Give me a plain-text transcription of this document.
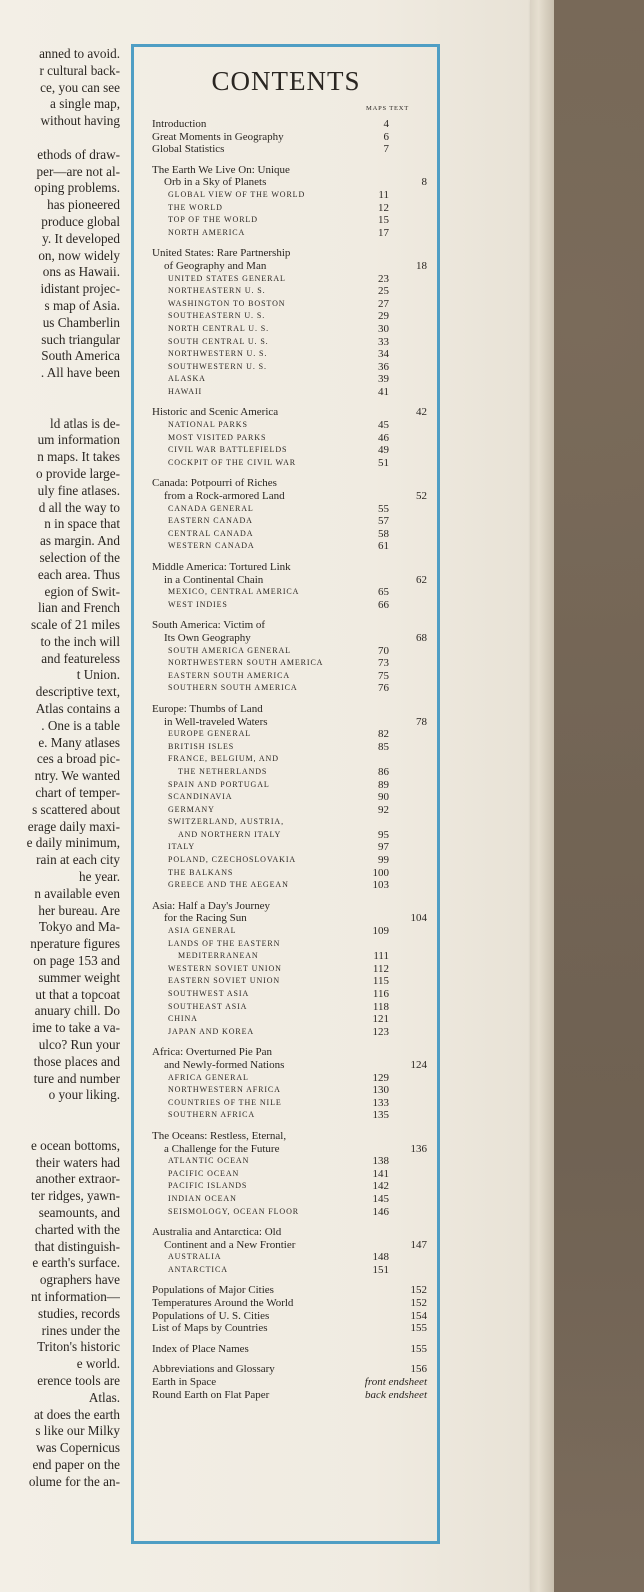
anned to avoid.
r cultural back-
ce, you can see
a single map,
without having
ethods of draw-
per—are not al-
oping problems.
has pioneered
produce global
y. It developed
on, now widely
ons as Hawaii.
idistant projec-
s map of Asia.
us Chamberlin
such triangular
South America
. All have been
ld atlas is de-
um information
n maps. It takes
o provide large-
uly fine atlases.
d all the way to
n in space that
as margin. And
selection of the
each area. Thus
egion of Swit-
lian and French
scale of 21 miles
to the inch will
and featureless
t Union.
descriptive text,
Atlas contains a
. One is a table
e. Many atlases
ces a broad pic-
ntry. We wanted
chart of temper-
s scattered about
erage daily maxi-
e daily minimum,
rain at each city
he year.
n available even
her bureau. Are
Tokyo and Ma-
nperature figures
on page 153 and
summer weight
ut that a topcoat
anuary chill. Do
ime to take a va-
ulco? Run your
those places and
ture and number
o your liking.
e ocean bottoms,
their waters had
another extraor-
ter ridges, yawn-
seamounts, and
charted with the
that distinguish-
e earth's surface.
ographers have
nt information—
studies, records
rines under the
Triton's historic
e world.
erence tools are
Atlas.
at does the earth
s like our Milky
was Copernicus
end paper on the
olume for the an-
CONTENTS
MAPS TEXT
Introduction	4
Great Moments in Geography	6
Global Statistics	7
The Earth We Live On: Unique
Orb in a Sky of Planets	8
GLOBAL VIEW OF THE WORLD	11
THE WORLD	12
TOP OF THE WORLD	15
NORTH AMERICA	17
United States: Rare Partnership
of Geography and Man	18
UNITED STATES GENERAL	23
NORTHEASTERN U. S.	25
WASHINGTON TO BOSTON	27
SOUTHEASTERN U. S.	29
NORTH CENTRAL U. S.	30
SOUTH CENTRAL U. S.	33
NORTHWESTERN U. S.	34
SOUTHWESTERN U. S.	36
ALASKA	39
HAWAII	41
Historic and Scenic America	42
NATIONAL PARKS	45
MOST VISITED PARKS	46
CIVIL WAR BATTLEFIELDS	49
COCKPIT OF THE CIVIL WAR	51
Canada: Potpourri of Riches
from a Rock-armored Land	52
CANADA GENERAL	55
EASTERN CANADA	57
CENTRAL CANADA	58
WESTERN CANADA	61
Middle America: Tortured Link
in a Continental Chain	62
MEXICO, CENTRAL AMERICA	65
WEST INDIES	66
South America: Victim of
Its Own Geography	68
SOUTH AMERICA GENERAL	70
NORTHWESTERN SOUTH AMERICA	73
EASTERN SOUTH AMERICA	75
SOUTHERN SOUTH AMERICA	76
Europe: Thumbs of Land
in Well-traveled Waters	78
EUROPE GENERAL	82
BRITISH ISLES	85
FRANCE, BELGIUM, AND
THE NETHERLANDS	86
SPAIN AND PORTUGAL	89
SCANDINAVIA	90
GERMANY	92
SWITZERLAND, AUSTRIA,
AND NORTHERN ITALY	95
ITALY	97
POLAND, CZECHOSLOVAKIA	99
THE BALKANS	100
GREECE AND THE AEGEAN	103
Asia: Half a Day's Journey
for the Racing Sun	104
ASIA GENERAL	109
LANDS OF THE EASTERN
MEDITERRANEAN	111
WESTERN SOVIET UNION	112
EASTERN SOVIET UNION	115
SOUTHWEST ASIA	116
SOUTHEAST ASIA	118
CHINA	121
JAPAN AND KOREA	123
Africa: Overturned Pie Pan
and Newly-formed Nations	124
AFRICA GENERAL	129
NORTHWESTERN AFRICA	130
COUNTRIES OF THE NILE	133
SOUTHERN AFRICA	135
The Oceans: Restless, Eternal,
a Challenge for the Future	136
ATLANTIC OCEAN	138
PACIFIC OCEAN	141
PACIFIC ISLANDS	142
INDIAN OCEAN	145
SEISMOLOGY, OCEAN FLOOR	146
Australia and Antarctica: Old
Continent and a New Frontier	147
AUSTRALIA	148
ANTARCTICA	151
Populations of Major Cities	152
Temperatures Around the World	152
Populations of U. S. Cities	154
List of Maps by Countries	155
Index of Place Names	155
Abbreviations and Glossary	156
Earth in Space	front endsheet
Round Earth on Flat Paper	back endsheet
